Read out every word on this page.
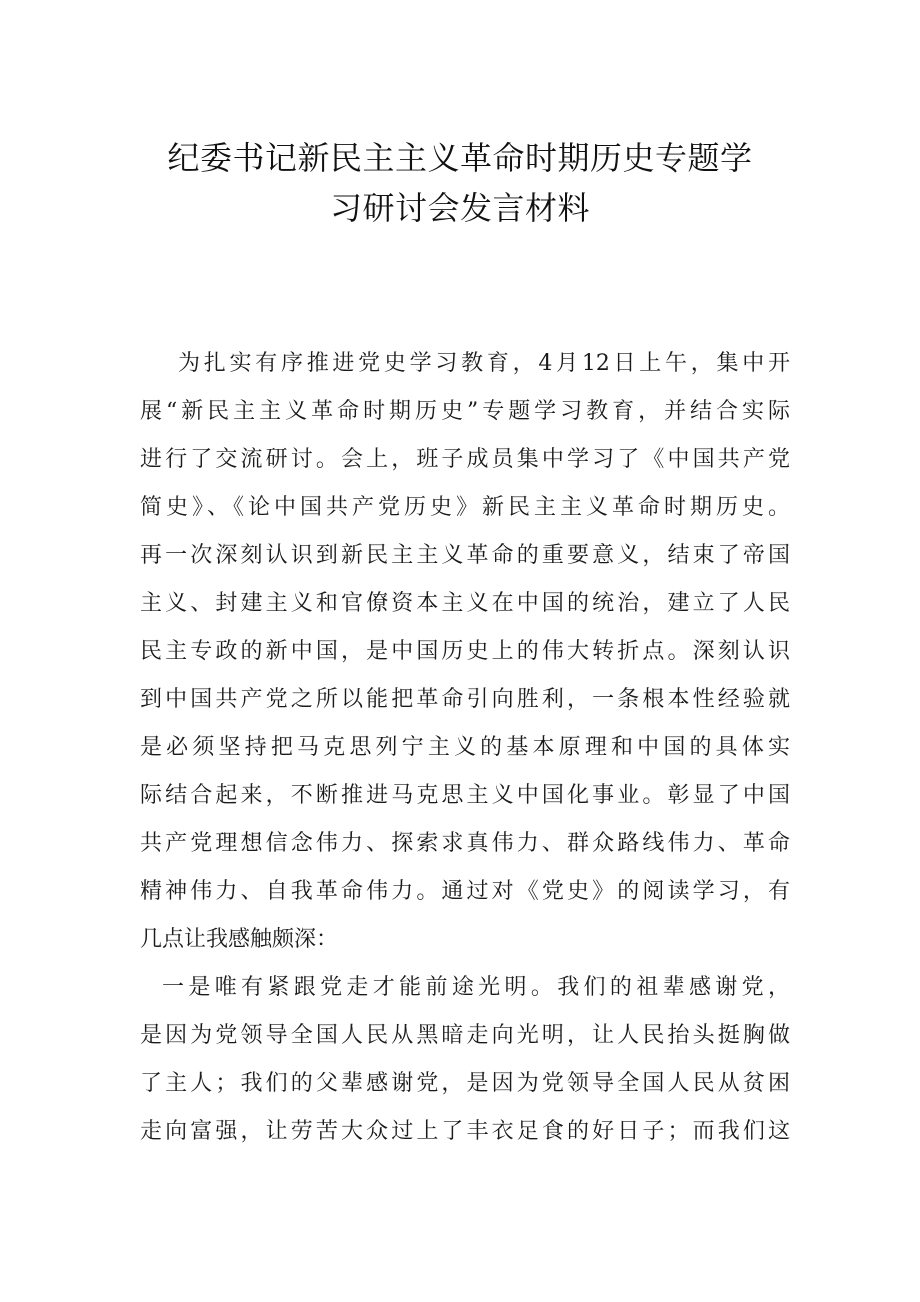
纪委书记新民主主义革命时期历史专题学
习研讨会发言材料
为扎实有序推进党史学习教育，4月12日上午，集中开
展“新民主主义革命时期历史”专题学习教育，并结合实际
进行了交流研讨。会上，班子成员集中学习了《中国共产党
简史》、《论中国共产党历史》新民主主义革命时期历史。
再一次深刻认识到新民主主义革命的重要意义，结束了帝国
主义、封建主义和官僚资本主义在中国的统治，建立了人民
民主专政的新中国，是中国历史上的伟大转折点。深刻认识
到中国共产党之所以能把革命引向胜利，一条根本性经验就
是必须坚持把马克思列宁主义的基本原理和中国的具体实
际结合起来，不断推进马克思主义中国化事业。彰显了中国
共产党理想信念伟力、探索求真伟力、群众路线伟力、革命
精神伟力、自我革命伟力。通过对《党史》的阅读学习，有
几点让我感触颇深：
一是唯有紧跟党走才能前途光明。我们的祖辈感谢党，
是因为党领导全国人民从黑暗走向光明，让人民抬头挺胸做
了主人；我们的父辈感谢党，是因为党领导全国人民从贫困
走向富强，让劳苦大众过上了丰衣足食的好日子；而我们这
